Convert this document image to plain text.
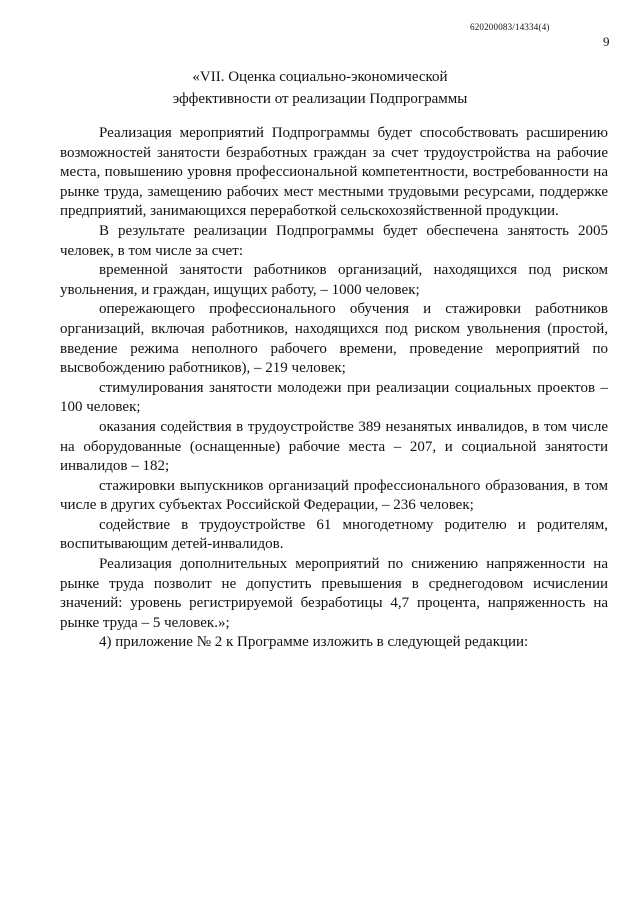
620200083/14334(4)
9
«VII. Оценка социально-экономической
эффективности от реализации Подпрограммы

Реализация мероприятий Подпрограммы будет способствовать расширению возможностей занятости безработных граждан за счет трудоустройства на рабочие места, повышению уровня профессиональной компетентности, востребованности на рынке труда, замещению рабочих мест местными трудовыми ресурсами, поддержке предприятий, занимающихся переработкой сельскохозяйственной продукции.

В результате реализации Подпрограммы будет обеспечена занятость 2005 человек, в том числе за счет:

временной занятости работников организаций, находящихся под риском увольнения, и граждан, ищущих работу, – 1000 человек;

опережающего профессионального обучения и стажировки работников организаций, включая работников, находящихся под риском увольнения (простой, введение режима неполного рабочего времени, проведение мероприятий по высвобождению работников), – 219 человек;

стимулирования занятости молодежи при реализации социальных проектов – 100 человек;

оказания содействия в трудоустройстве 389 незанятых инвалидов, в том числе на оборудованные (оснащенные) рабочие места – 207, и социальной занятости инвалидов – 182;

стажировки выпускников организаций профессионального образования, в том числе в других субъектах Российской Федерации, – 236 человек;

содействие в трудоустройстве 61 многодетному родителю и родителям, воспитывающим детей-инвалидов.

Реализация дополнительных мероприятий по снижению напряженности на рынке труда позволит не допустить превышения в среднегодовом исчислении значений: уровень регистрируемой безработицы 4,7 процента, напряженность на рынке труда – 5 человек.»;

4) приложение № 2 к Программе изложить в следующей редакции:
